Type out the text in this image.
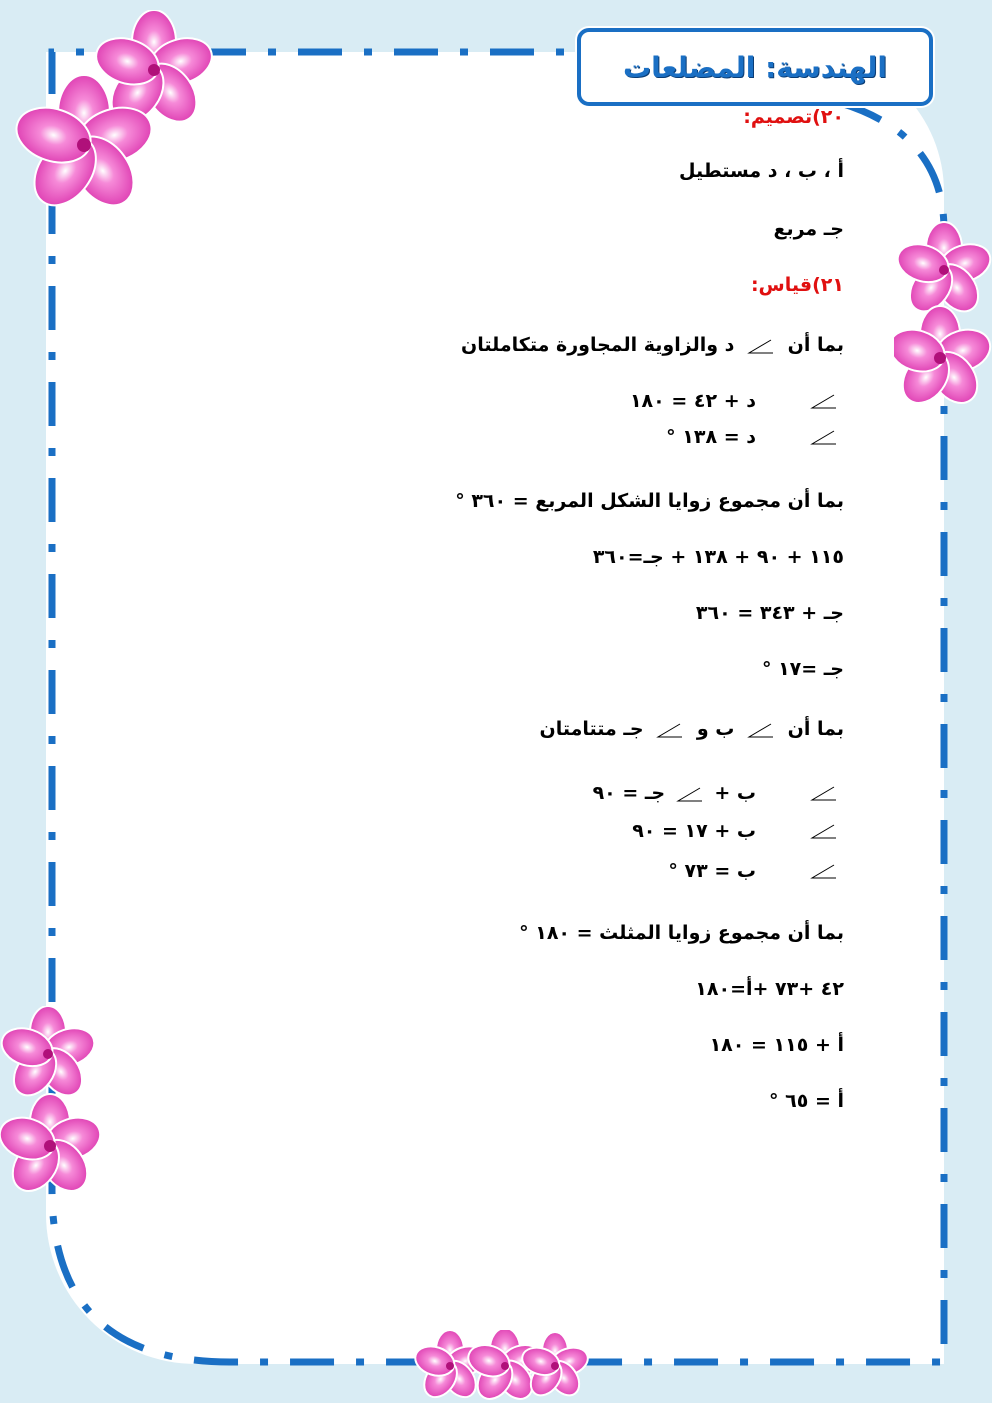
الهندسة: المضلعات
٢٠)تصميم:
أ ، ب ، د مستطيل
جـ مربع
٢١)قياس:
بما أن
د والزاوية المجاورة متكاملتان
د + ٤٢ = ١٨٠
د = ١٣٨ °
بما أن مجموع زوايا الشكل المربع = ٣٦٠ °
١١٥ + ٩٠ + ١٣٨ + جـ=٣٦٠
جـ + ٣٤٣ = ٣٦٠
جـ =١٧ °
بما أن
ب و
جـ متتامتان
ب +
جـ = ٩٠
ب + ١٧ = ٩٠
ب = ٧٣ °
بما أن مجموع زوايا المثلث = ١٨٠ °
٤٢ +٧٣ +أ=١٨٠
أ + ١١٥ = ١٨٠
أ = ٦٥ °
